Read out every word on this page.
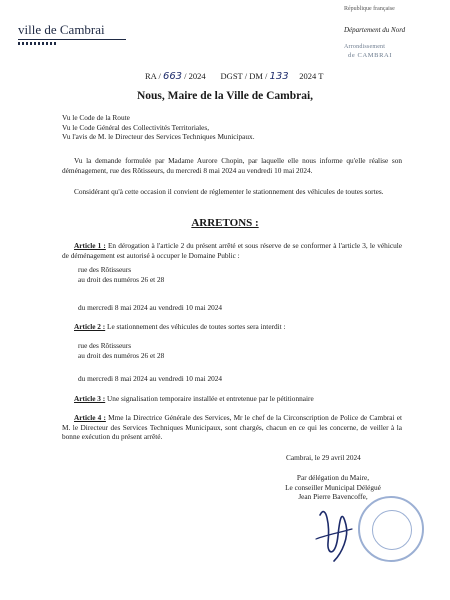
ville de Cambrai
République française
Département du Nord
Arrondissement
de CAMBRAI
RA / 663 / 2024 DGST / DM / 133 2024 T
Nous, Maire de la Ville de Cambrai,
Vu le Code de la Route
Vu le Code Général des Collectivités Territoriales,
Vu l'avis de M. le Directeur des Services Techniques Municipaux.
Vu la demande formulée par Madame Aurore Chopin, par laquelle elle nous informe qu'elle réalise son déménagement, rue des Rôtisseurs, du mercredi 8 mai 2024 au vendredi 10 mai 2024.
Considérant qu'à cette occasion il convient de réglementer le stationnement des véhicules de toutes sortes.
ARRETONS :
Article 1 : En dérogation à l'article 2 du présent arrêté et sous réserve de se conformer à l'article 3, le véhicule de déménagement est autorisé à occuper le Domaine Public :
rue des Rôtisseurs
au droit des numéros 26 et 28
du mercredi 8 mai 2024 au vendredi 10 mai 2024
Article 2 : Le stationnement des véhicules de toutes sortes sera interdit :
rue des Rôtisseurs
au droit des numéros 26 et 28
du mercredi 8 mai 2024 au vendredi 10 mai 2024
Article 3 : Une signalisation temporaire installée et entretenue par le pétitionnaire
Article 4 : Mme la Directrice Générale des Services, Mr le chef de la Circonscription de Police de Cambrai et M. le Directeur des Services Techniques Municipaux, sont chargés, chacun en ce qui les concerne, de veiller à la bonne exécution du présent arrêté.
Cambrai, le 29 avril 2024
Par délégation du Maire,
Le conseiller Municipal Délégué
Jean Pierre Bavencoffe,
